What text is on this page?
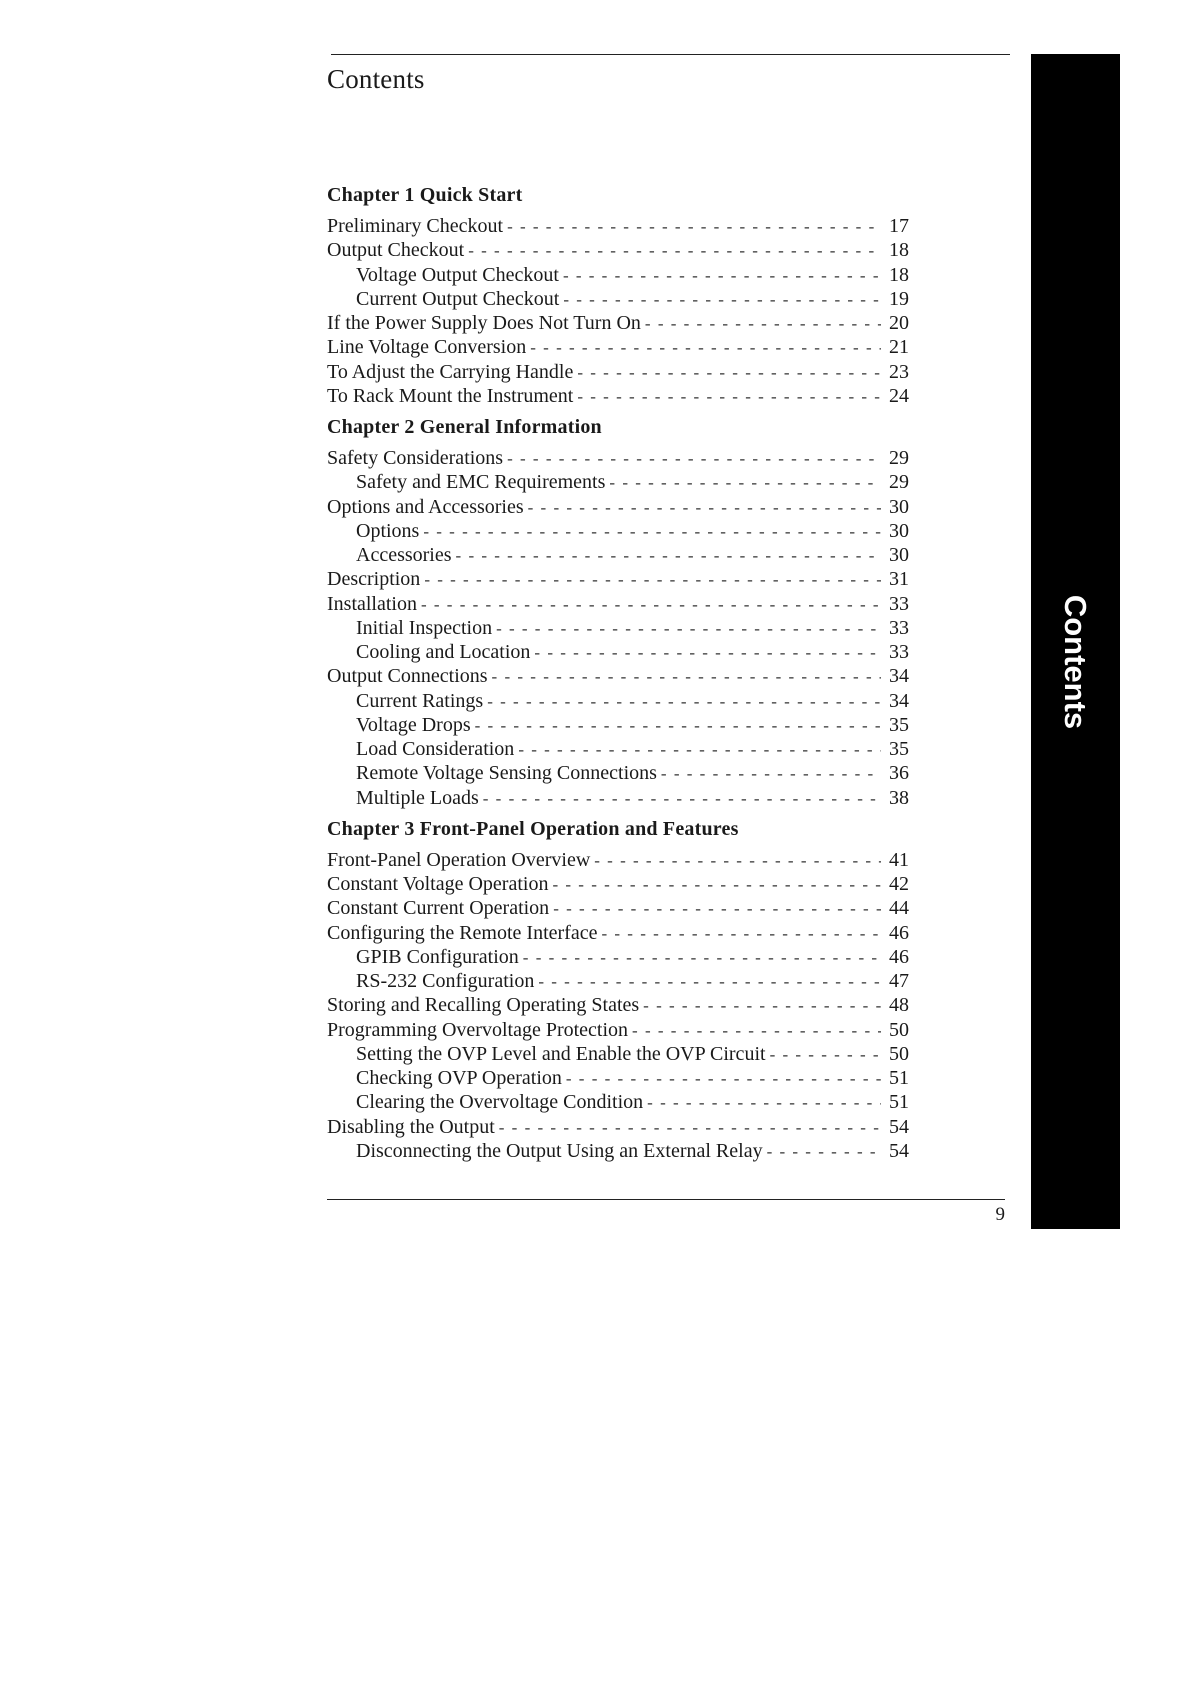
Contents
Contents
Chapter 1 Quick Start
Preliminary Checkout - - -	17
Output Checkout - - -	18
Voltage Output Checkout - - -	18
Current Output Checkout - - -	19
If the Power Supply Does Not Turn On - - -	20
Line Voltage Conversion - - -	21
To Adjust the Carrying Handle - - -	23
To Rack Mount the Instrument - - -	24
Chapter 2 General Information
Safety Considerations - - -	29
Safety and EMC Requirements - - -	29
Options and Accessories - - -	30
Options - - -	30
Accessories - - -	30
Description - - -	31
Installation - - -	33
Initial Inspection - - -	33
Cooling and Location - - -	33
Output Connections - - -	34
Current Ratings - - -	34
Voltage Drops - - -	35
Load Consideration - - -	35
Remote Voltage Sensing Connections - - -	36
Multiple Loads - - -	38
Chapter 3 Front-Panel Operation and Features
Front-Panel Operation Overview - - -	41
Constant Voltage Operation - - -	42
Constant Current Operation - - -	44
Configuring the Remote Interface - - -	46
GPIB Configuration - - -	46
RS-232 Configuration - - -	47
Storing and Recalling Operating States - - -	48
Programming Overvoltage Protection - - -	50
Setting the OVP Level and Enable the OVP Circuit - - -	50
Checking OVP Operation - - -	51
Clearing the Overvoltage Condition - - -	51
Disabling the Output - - -	54
Disconnecting the Output Using an External Relay - - -	54
9
